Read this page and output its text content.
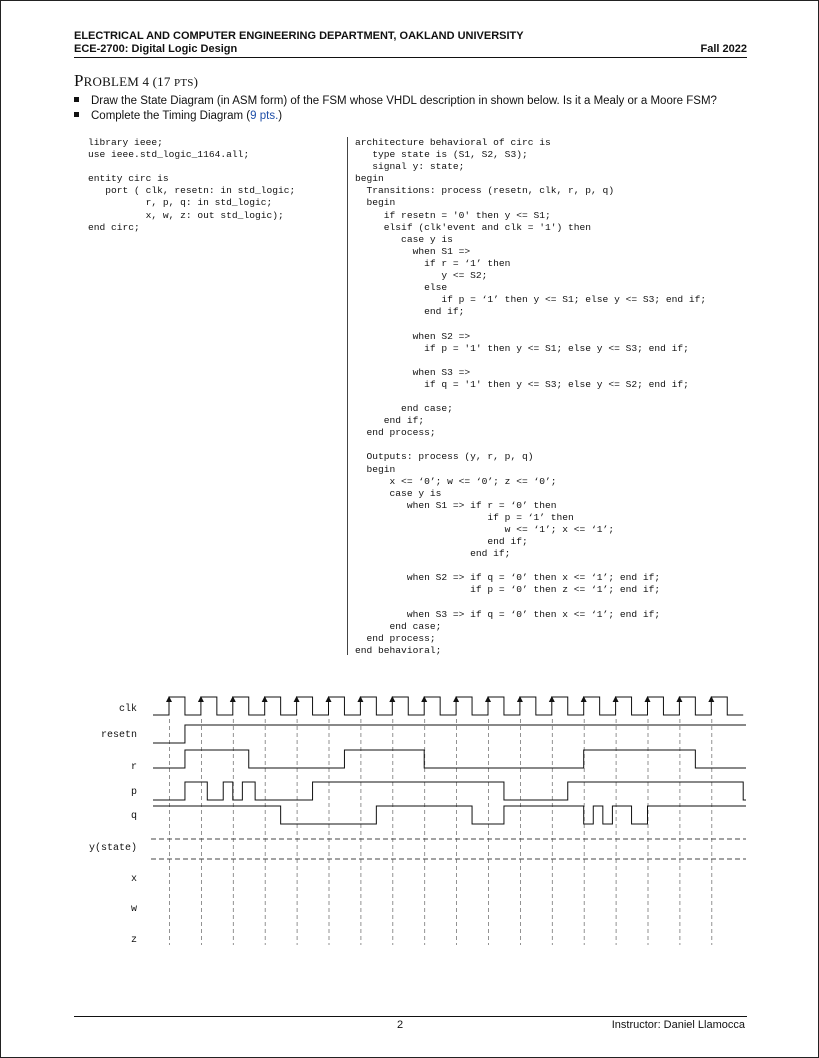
ELECTRICAL AND COMPUTER ENGINEERING DEPARTMENT, OAKLAND UNIVERSITY
ECE-2700: Digital Logic Design	Fall 2022
PROBLEM 4 (17 PTS)
Draw the State Diagram (in ASM form) of the FSM whose VHDL description in shown below. Is it a Mealy or a Moore FSM?
Complete the Timing Diagram (9 pts.)
library ieee;
use ieee.std_logic_1164.all;

entity circ is
port ( clk, resetn: in std_logic;
r, p, q: in std_logic;
x, w, z: out std_logic);
end circ;
architecture behavioral of circ is
type state is (S1, S2, S3);
signal y: state;
begin
Transitions: process (resetn, clk, r, p, q)
begin
if resetn = '0' then y <= S1;
elsif (clk'event and clk = '1') then
case y is
when S1 =>
if r = ‘1’ then
y <= S2;
else
if p = ‘1’ then y <= S1; else y <= S3; end if;
end if;

when S2 =>
if p = '1' then y <= S1; else y <= S3; end if;

when S3 =>
if q = '1' then y <= S3; else y <= S2; end if;

end case;
end if;
end process;

Outputs: process (y, r, p, q)
begin
x <= ‘0’; w <= ‘0’; z <= ‘0’;
case y is
when S1 => if r = ‘0’ then
if p = ‘1’ then
w <= ‘1’; x <= ‘1’;
end if;
end if;

when S2 => if q = ‘0’ then x <= ‘1’; end if;
if p = ‘0’ then z <= ‘1’; end if;

when S3 => if q = ‘0’ then x <= ‘1’; end if;
end case;
end process;
end behavioral;
clk
resetn
r
p
q
y(state)
x
w
z
2	Instructor: Daniel Llamocca
